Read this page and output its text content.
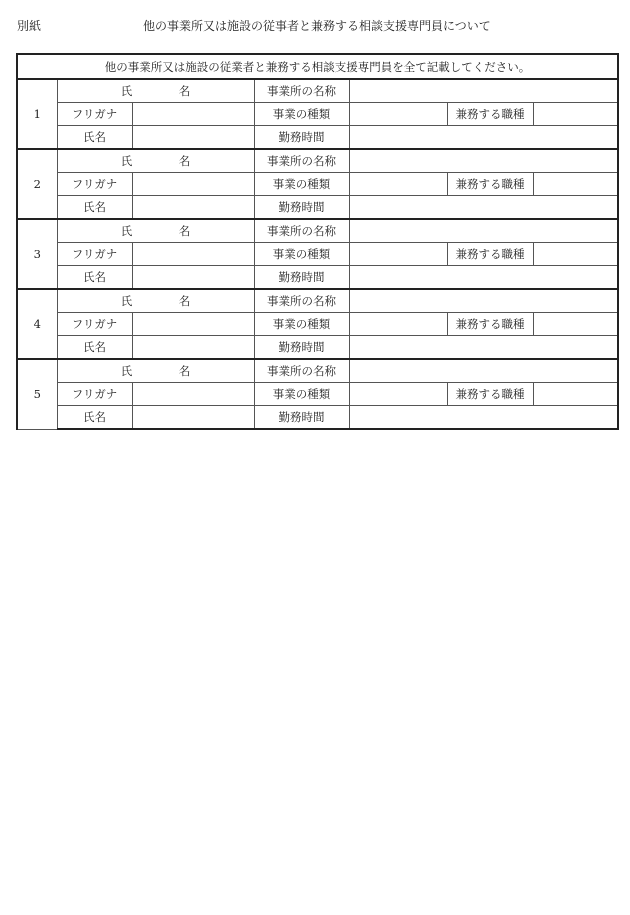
別紙	他の事業所又は施設の従事者と兼務する相談支援専門員について
他の事業所又は施設の従業者と兼務する相談支援専門員を全て記載してください。						
1	氏 名		事業所の名称			

	フリガナ		事業の種類		兼務する職種	

	氏名		勤務時間			

2	氏 名		事業所の名称			

	フリガナ		事業の種類		兼務する職種	

	氏名		勤務時間			

3	氏 名		事業所の名称			

	フリガナ		事業の種類		兼務する職種	

	氏名		勤務時間			

4	氏 名		事業所の名称			

	フリガナ		事業の種類		兼務する職種	

	氏名		勤務時間			

5	氏 名		事業所の名称			

	フリガナ		事業の種類		兼務する職種	

	氏名		勤務時間			
